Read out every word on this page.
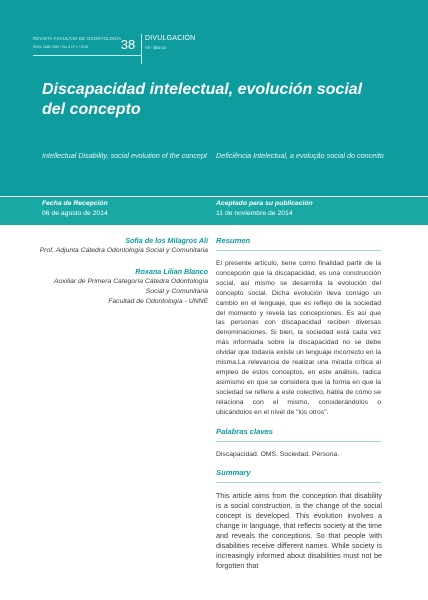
REVISTA FACULTAD DE ODONTOLOGÍA
ISSN: 1668-7280 / Vol. 8 Nº 1 / 2015	38	DIVULGACIÓN
Ali - Blanco
Discapacidad intelectual, evolución social del concepto
Intellectual Disability, social evolution of the concept Deficiência Intelectual, a evolução social do conceito
Fecha de Recepción
06 de agosto de 2014
Aceptado para su publicación
11 de noviembre de 2014
Sofía de los Milagros Alí
Prof. Adjunta Cátedra Odontología Social y Comunitaria
Roxana Lilian Blanco
Auxiliar de Primera Categoría Cátedra Odontología Social y Comunitaria
Facultad de Odontología - UNNE
Resumen

El presente artículo, tiene como finalidad partir de la concepción que la discapacidad, es una construcción social, así mismo se desarrolla la evolución del concepto social. Dicha evolución lleva consigo un cambio en el lenguaje, que es reflejo de la sociedad del momento y revela las concepciones. Es así que las personas con discapacidad reciben diversas denominaciones. Si bien, la sociedad está cada vez más informada sobre la discapacidad no se debe olvidar que todavía existe un lenguaje incorrecto en la misma.La relevancia de realizar una mirada crítica al empleo de estos conceptos, en este análisis, radica asimismo en que se considera que la forma en que la sociedad se refiere a este colectivo, habla de cómo se relaciona con el mismo, considerándolos o ubicándolos en el nivel de "los otros".

Palabras claves

Discapacidad. OMS. Sociedad. Persona.

Summary

This article aims from the conception that disability is a social construction, is the change of the social concept is developed. This evolution involves a change in language, that reflects society at the time and reveals the conceptions. So that people with disabilities receive different names. While society is increasingly informed about disabilities must not be forgotten that
